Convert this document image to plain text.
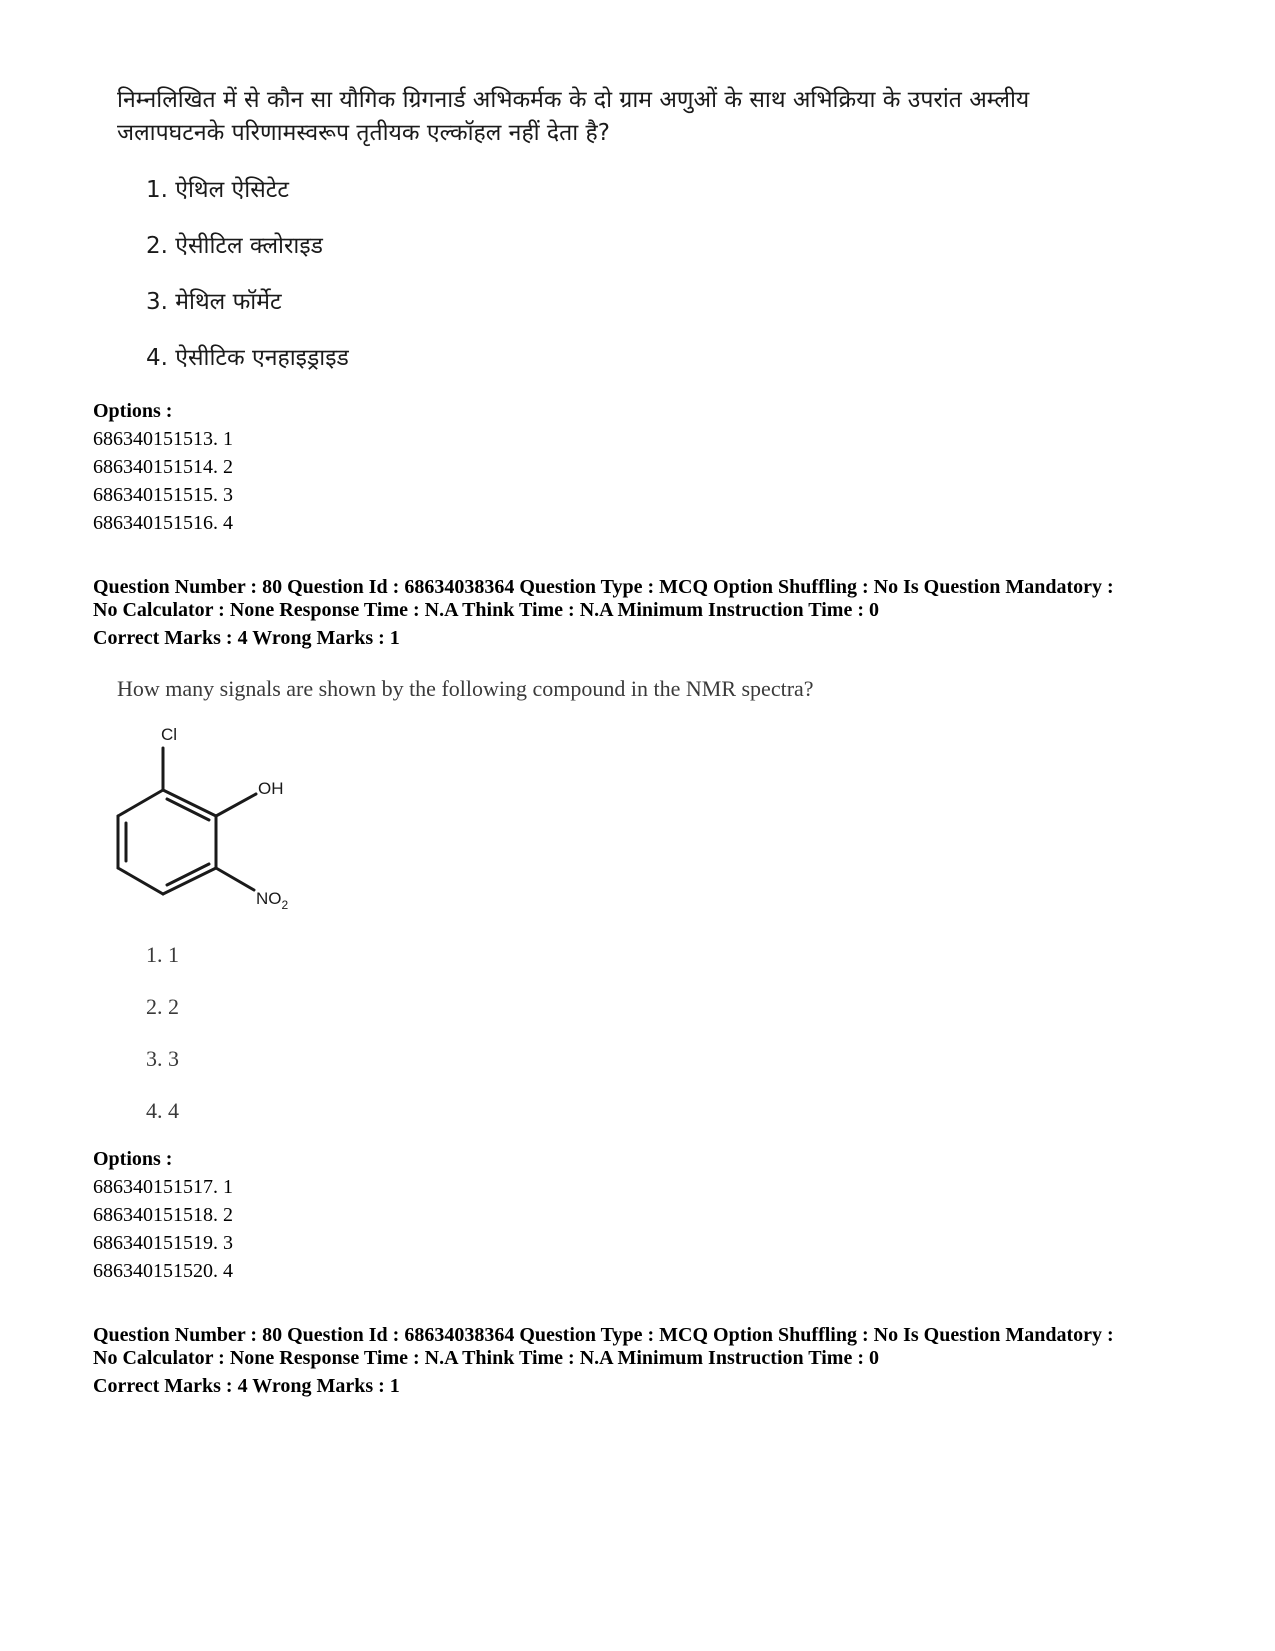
निम्नलिखित में से कौन सा यौगिक ग्रिगनार्ड अभिकर्मक के दो ग्राम अणुओं के साथ अभिक्रिया के उपरांत अम्लीय जलापघटनके परिणामस्वरूप तृतीयक एल्कॉहल नहीं देता है?
1. ऐथिल ऐसिटेट
2. ऐसीटिल क्लोराइड
3. मेथिल फॉर्मेट
4. ऐसीटिक एनहाइड्राइड
Options :
686340151513. 1
686340151514. 2
686340151515. 3
686340151516. 4
Question Number : 80 Question Id : 68634038364 Question Type : MCQ Option Shuffling : No Is Question Mandatory :
No Calculator : None Response Time : N.A Think Time : N.A Minimum Instruction Time : 0
Correct Marks : 4 Wrong Marks : 1
How many signals are shown by the following compound in the NMR spectra?
Cl
OH
$NO_2$
1. 1
2. 2
3. 3
4. 4
Options :
686340151517. 1
686340151518. 2
686340151519. 3
686340151520. 4
Question Number : 80 Question Id : 68634038364 Question Type : MCQ Option Shuffling : No Is Question Mandatory :
No Calculator : None Response Time : N.A Think Time : N.A Minimum Instruction Time : 0
Correct Marks : 4 Wrong Marks : 1
